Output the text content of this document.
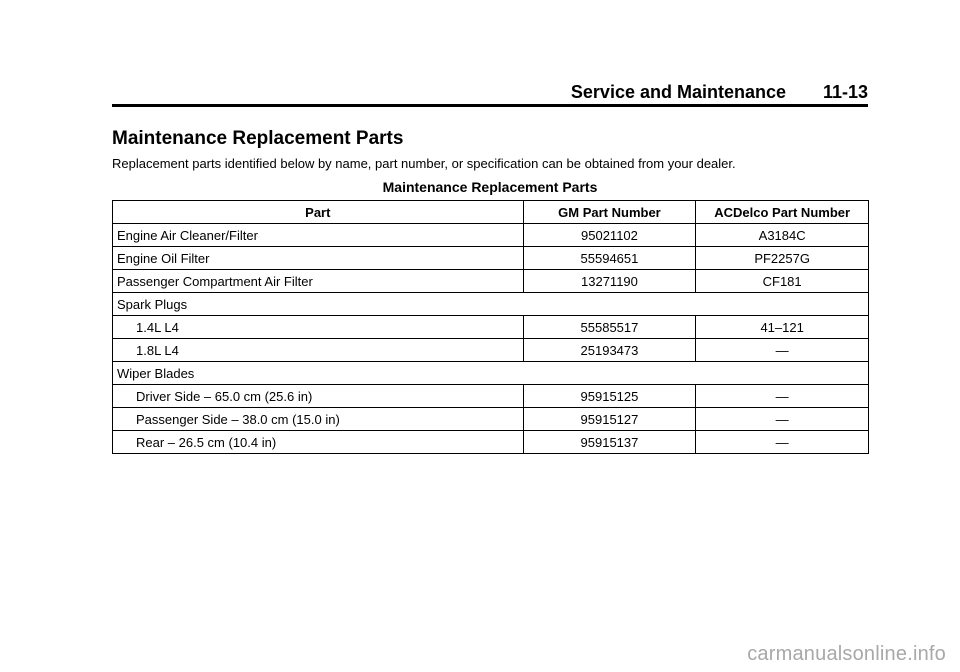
Service and Maintenance 11-13
Maintenance Replacement Parts
Replacement parts identified below by name, part number, or specification can be obtained from your dealer.
Maintenance Replacement Parts
Part	GM Part Number	ACDelco Part Number
Engine Air Cleaner/Filter	95021102	A3184C
Engine Oil Filter	55594651	PF2257G
Passenger Compartment Air Filter	13271190	CF181
Spark Plugs		
1.4L L4	55585517	41–121
1.8L L4	25193473	—
Wiper Blades		
Driver Side – 65.0 cm (25.6 in)	95915125	—
Passenger Side – 38.0 cm (15.0 in)	95915127	—
Rear – 26.5 cm (10.4 in)	95915137	—
carmanualsonline.info
